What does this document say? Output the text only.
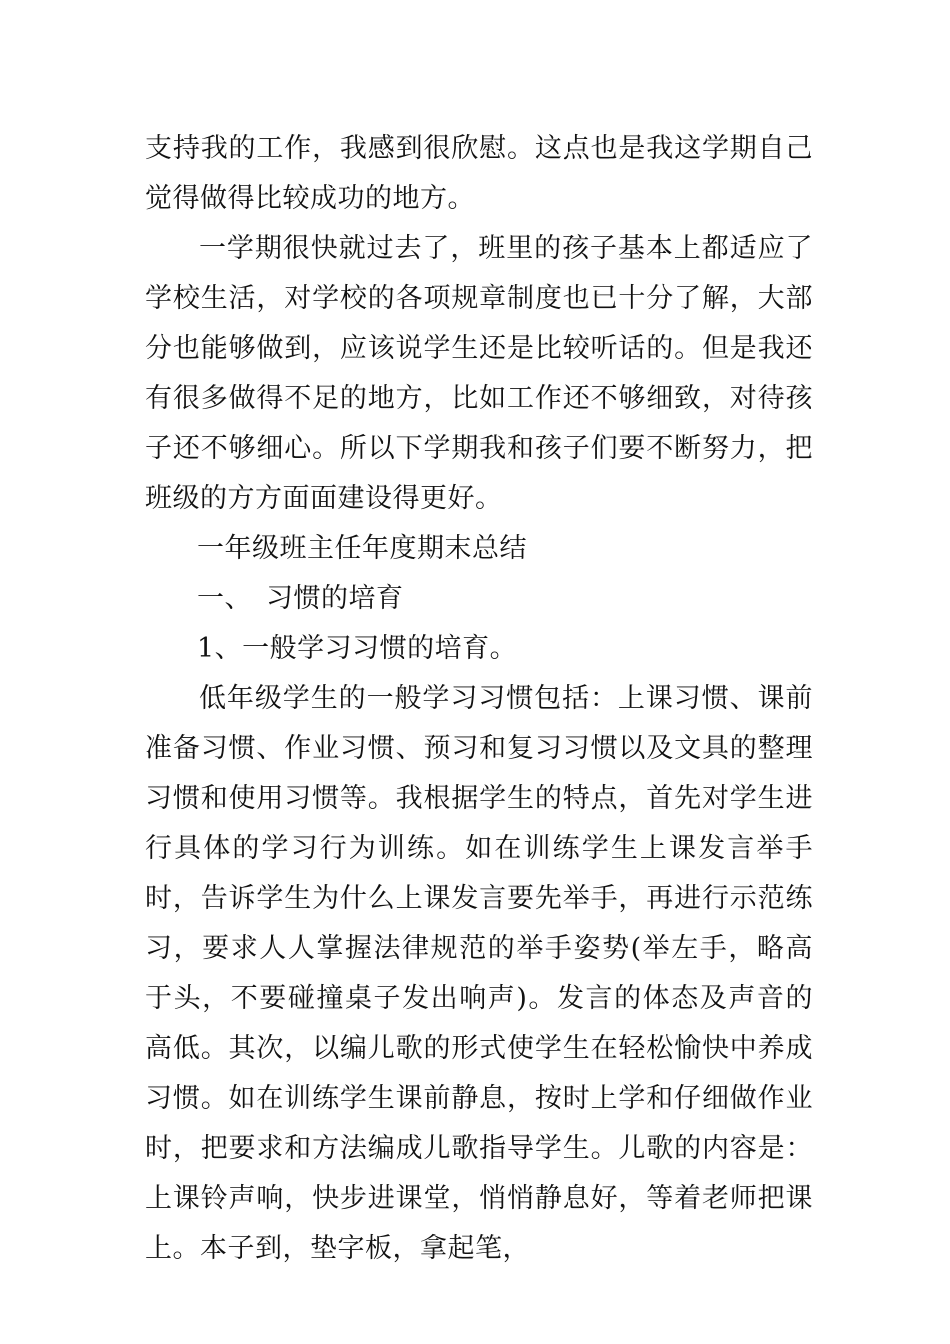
支持我的工作，我感到很欣慰。这点也是我这学期自己觉得做得比较成功的地方。

一学期很快就过去了，班里的孩子基本上都适应了学校生活，对学校的各项规章制度也已十分了解，大部分也能够做到，应该说学生还是比较听话的。但是我还有很多做得不足的地方，比如工作还不够细致，对待孩子还不够细心。所以下学期我和孩子们要不断努力，把班级的方方面面建设得更好。

一年级班主任年度期末总结

一、　习惯的培育

1、一般学习习惯的培育。

低年级学生的一般学习习惯包括：上课习惯、课前准备习惯、作业习惯、预习和复习习惯以及文具的整理习惯和使用习惯等。我根据学生的特点，首先对学生进行具体的学习行为训练。如在训练学生上课发言举手时，告诉学生为什么上课发言要先举手，再进行示范练习，要求人人掌握法律规范的举手姿势(举左手，略高于头，不要碰撞桌子发出响声)。发言的体态及声音的高低。其次，以编儿歌的形式使学生在轻松愉快中养成习惯。如在训练学生课前静息，按时上学和仔细做作业时，把要求和方法编成儿歌指导学生。儿歌的内容是：上课铃声响，快步进课堂，悄悄静息好，等着老师把课上。本子到，垫字板，拿起笔，
